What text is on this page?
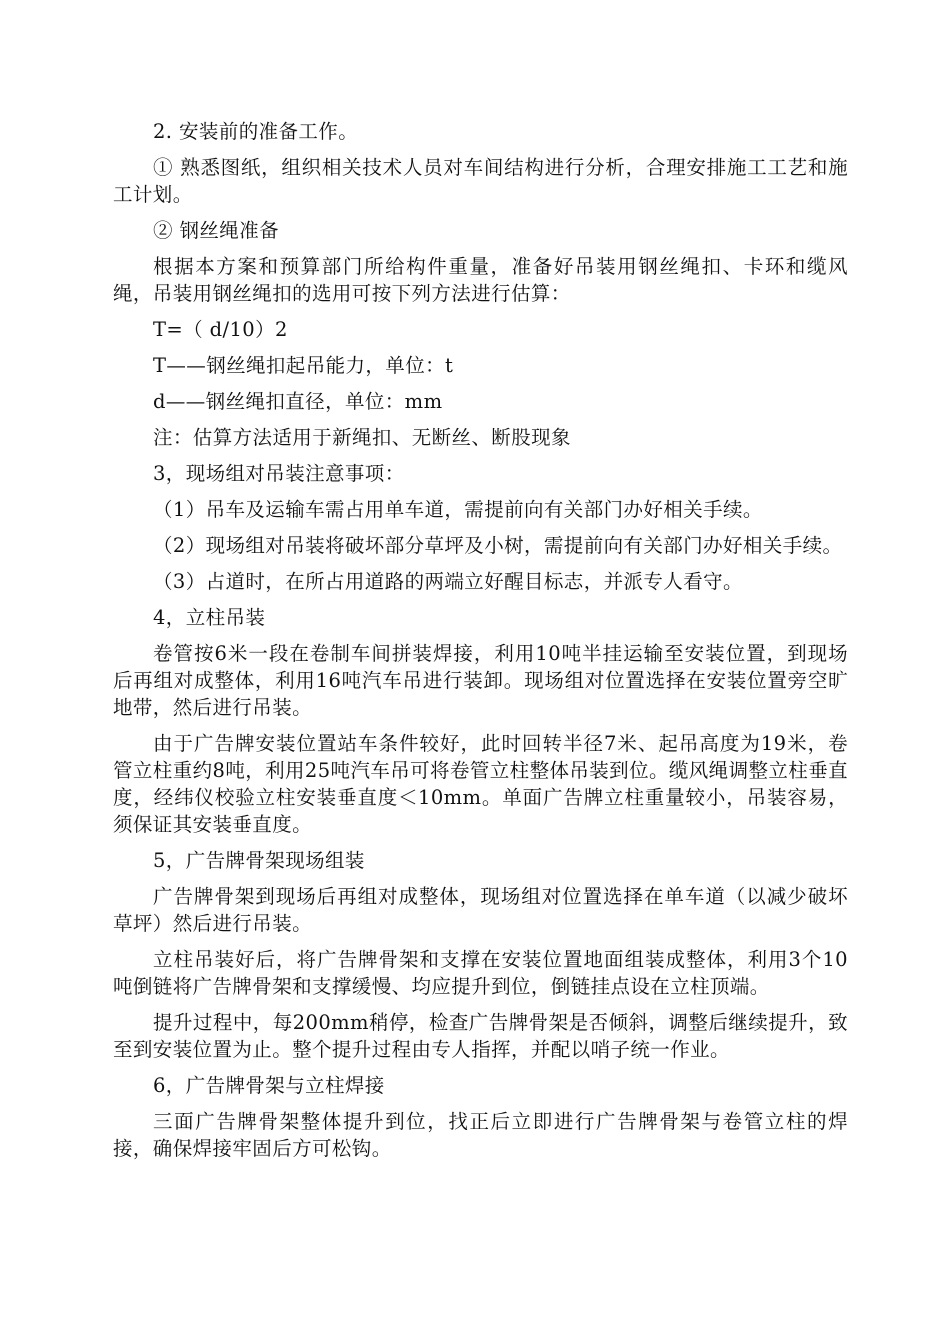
2. 安装前的准备工作。

① 熟悉图纸，组织相关技术人员对车间结构进行分析，合理安排施工工艺和施工计划。

② 钢丝绳准备

根据本方案和预算部门所给构件重量，准备好吊装用钢丝绳扣、卡环和缆风绳，吊装用钢丝绳扣的选用可按下列方法进行估算：

T=（ d/10）2

T——钢丝绳扣起吊能力，单位：t

d——钢丝绳扣直径，单位：mm

注：估算方法适用于新绳扣、无断丝、断股现象

3，现场组对吊装注意事项：

（1）吊车及运输车需占用单车道，需提前向有关部门办好相关手续。

（2）现场组对吊装将破坏部分草坪及小树，需提前向有关部门办好相关手续。

（3）占道时，在所占用道路的两端立好醒目标志，并派专人看守。

4，立柱吊装

卷管按6米一段在卷制车间拼装焊接，利用10吨半挂运输至安装位置，到现场后再组对成整体，利用16吨汽车吊进行装卸。现场组对位置选择在安装位置旁空旷地带，然后进行吊装。

由于广告牌安装位置站车条件较好，此时回转半径7米、起吊高度为19米，卷管立柱重约8吨，利用25吨汽车吊可将卷管立柱整体吊装到位。缆风绳调整立柱垂直度，经纬仪校验立柱安装垂直度＜10mm。单面广告牌立柱重量较小，吊装容易，须保证其安装垂直度。

5，广告牌骨架现场组装

广告牌骨架到现场后再组对成整体，现场组对位置选择在单车道（以减少破坏草坪）然后进行吊装。

立柱吊装好后，将广告牌骨架和支撑在安装位置地面组装成整体，利用3个10吨倒链将广告牌骨架和支撑缓慢、均应提升到位，倒链挂点设在立柱顶端。

提升过程中，每200mm稍停，检查广告牌骨架是否倾斜，调整后继续提升，致至到安装位置为止。整个提升过程由专人指挥，并配以哨子统一作业。

6，广告牌骨架与立柱焊接

三面广告牌骨架整体提升到位，找正后立即进行广告牌骨架与卷管立柱的焊接，确保焊接牢固后方可松钩。
